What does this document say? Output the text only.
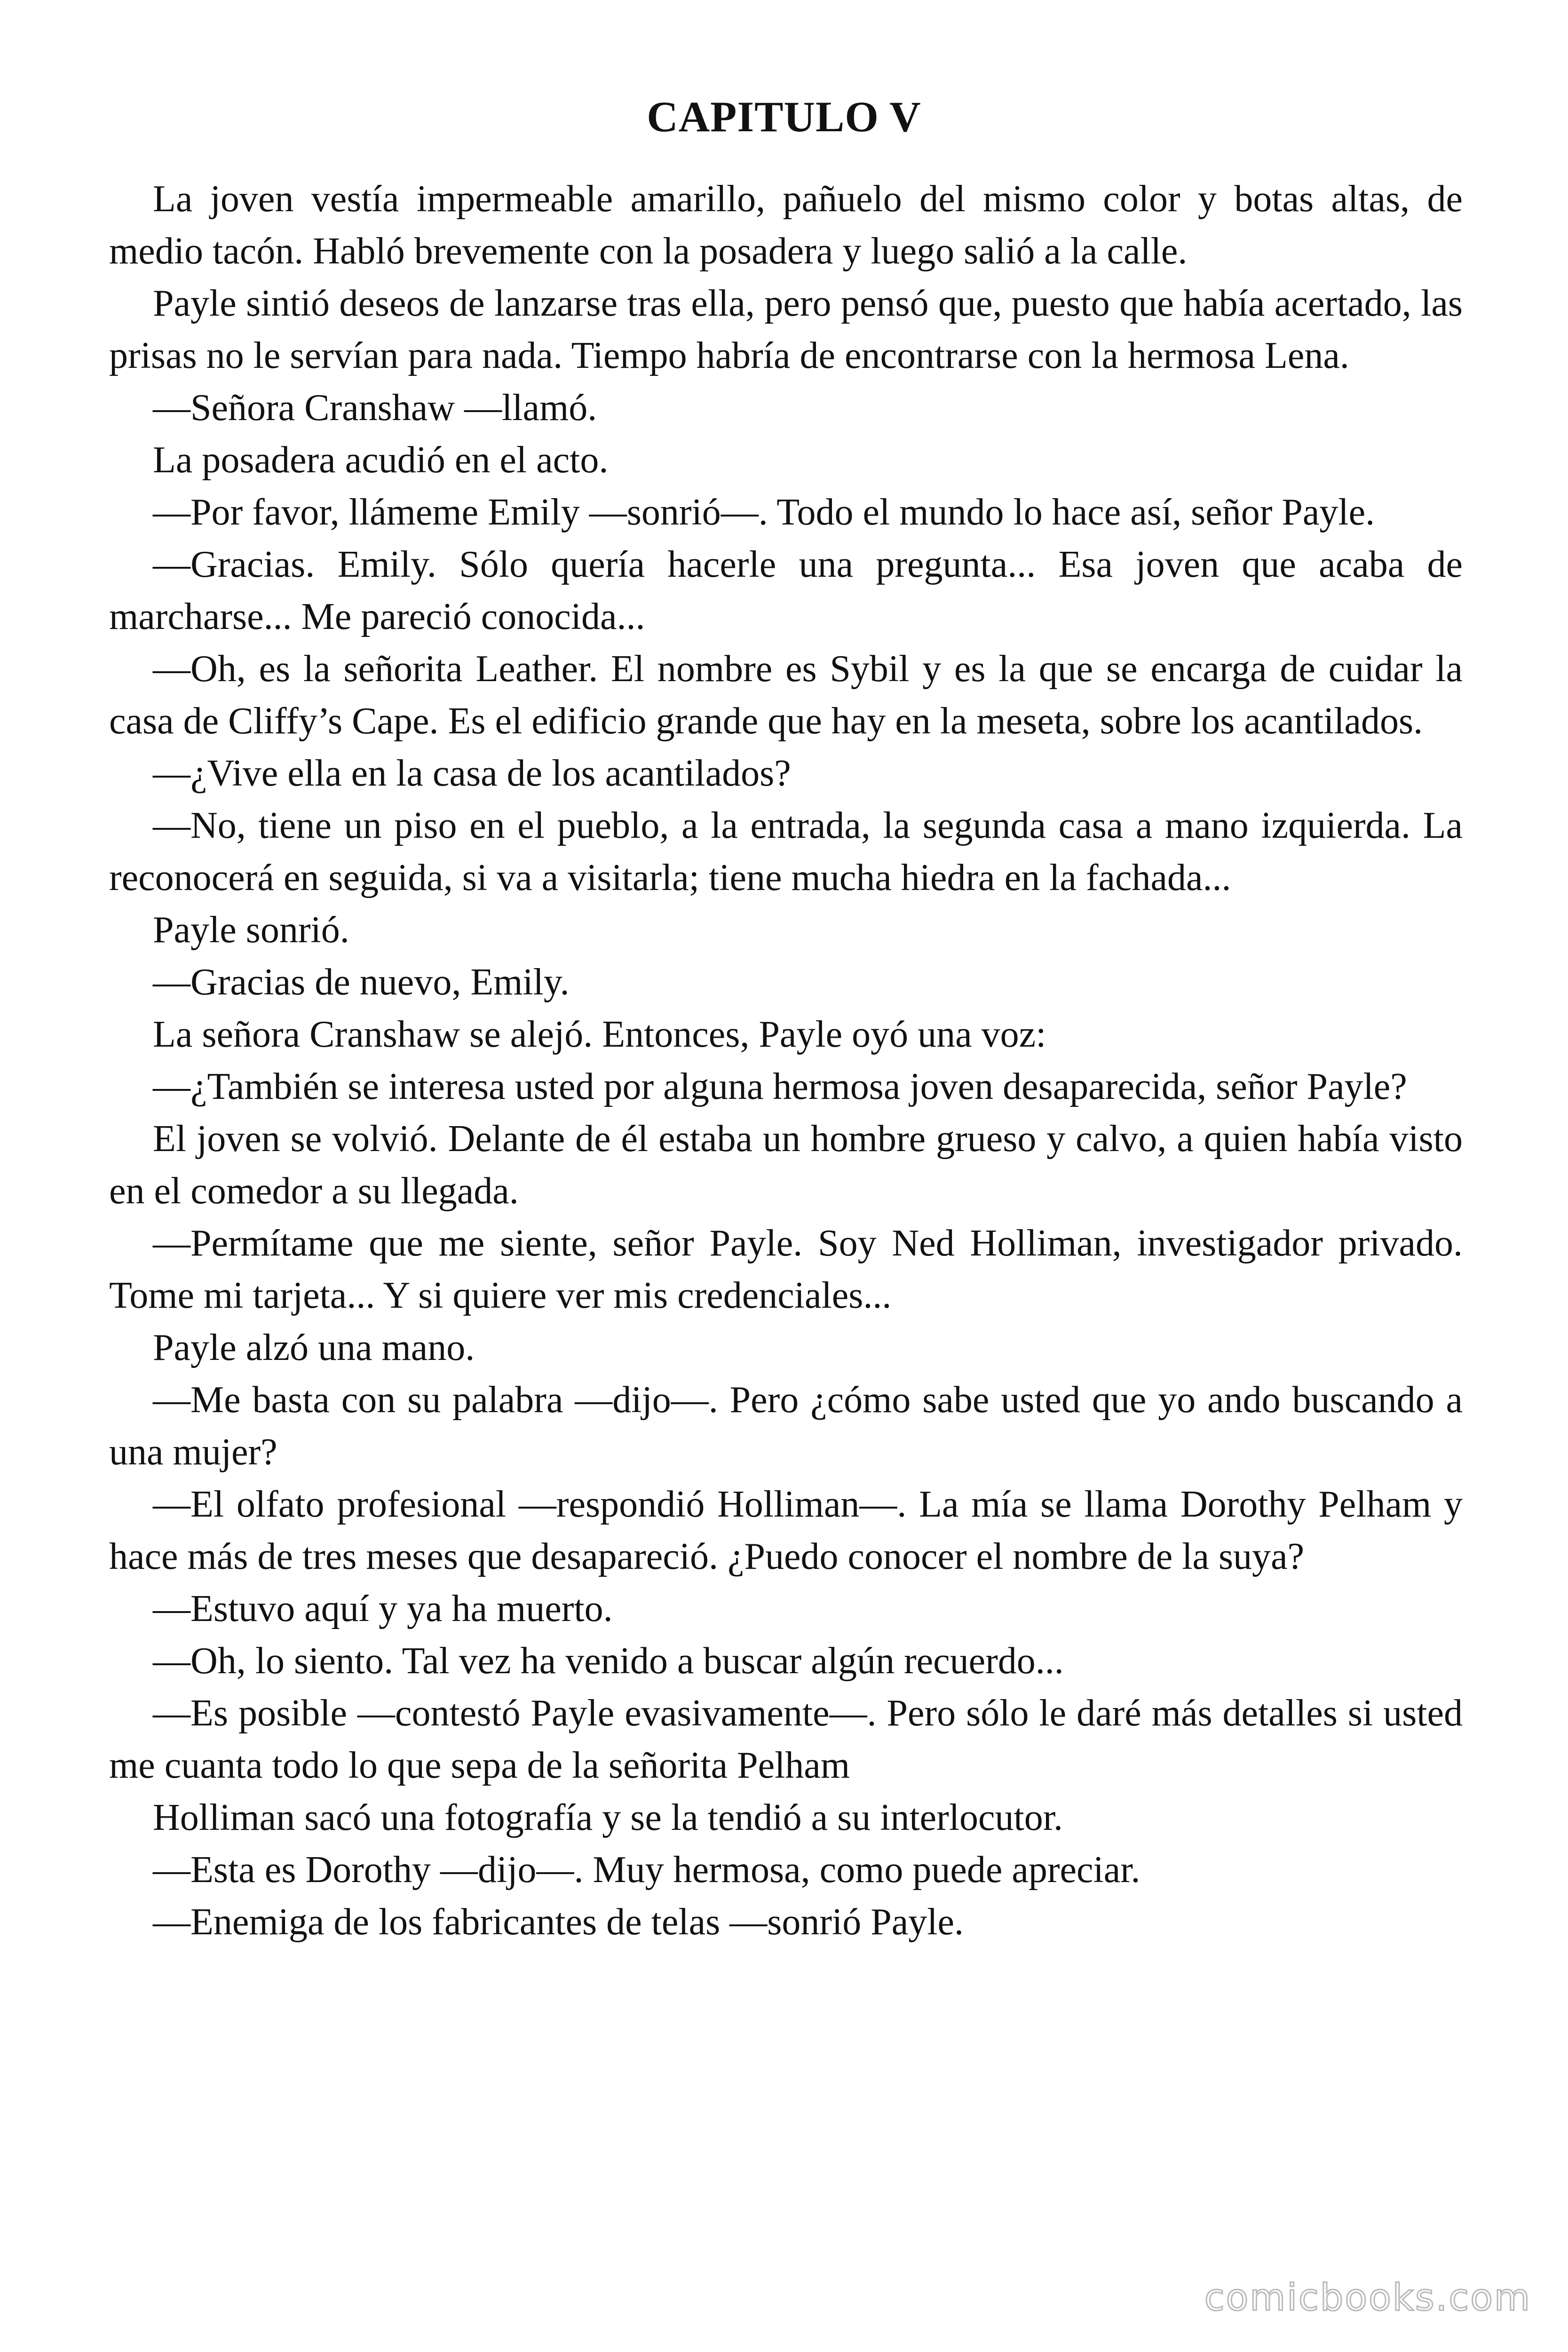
CAPITULO V

La joven vestía impermeable amarillo, pañuelo del mismo color y botas altas, de medio tacón. Habló brevemente con la posadera y luego salió a la calle.

Payle sintió deseos de lanzarse tras ella, pero pensó que, puesto que había acertado, las prisas no le servían para nada. Tiempo habría de encontrarse con la hermosa Lena.

—Señora Cranshaw —llamó.

La posadera acudió en el acto.

—Por favor, llámeme Emily —sonrió—. Todo el mundo lo hace así, señor Payle.

—Gracias. Emily. Sólo quería hacerle una pregunta... Esa joven que acaba de marcharse... Me pareció conocida...

—Oh, es la señorita Leather. El nombre es Sybil y es la que se encarga de cuidar la casa de Cliffy’s Cape. Es el edificio grande que hay en la meseta, sobre los acantilados.

—¿Vive ella en la casa de los acantilados?

—No, tiene un piso en el pueblo, a la entrada, la segunda casa a mano izquierda. La reconocerá en seguida, si va a visitarla; tiene mucha hiedra en la fachada...

Payle sonrió.

—Gracias de nuevo, Emily.

La señora Cranshaw se alejó. Entonces, Payle oyó una voz:

—¿También se interesa usted por alguna hermosa joven desaparecida, señor Payle?

El joven se volvió. Delante de él estaba un hombre grueso y calvo, a quien había visto en el comedor a su llegada.

—Permítame que me siente, señor Payle. Soy Ned Holliman, investigador privado. Tome mi tarjeta... Y si quiere ver mis credenciales...

Payle alzó una mano.

—Me basta con su palabra —dijo—. Pero ¿cómo sabe usted que yo ando buscando a una mujer?

—El olfato profesional —respondió Holliman—. La mía se llama Dorothy Pelham y hace más de tres meses que desapareció. ¿Puedo conocer el nombre de la suya?

—Estuvo aquí y ya ha muerto.

—Oh, lo siento. Tal vez ha venido a buscar algún recuerdo...

—Es posible —contestó Payle evasivamente—. Pero sólo le daré más detalles si usted me cuanta todo lo que sepa de la señorita Pelham

Holliman sacó una fotografía y se la tendió a su interlocutor.

—Esta es Dorothy —dijo—. Muy hermosa, como puede apreciar.

—Enemiga de los fabricantes de telas —sonrió Payle.

comicbooks.com
